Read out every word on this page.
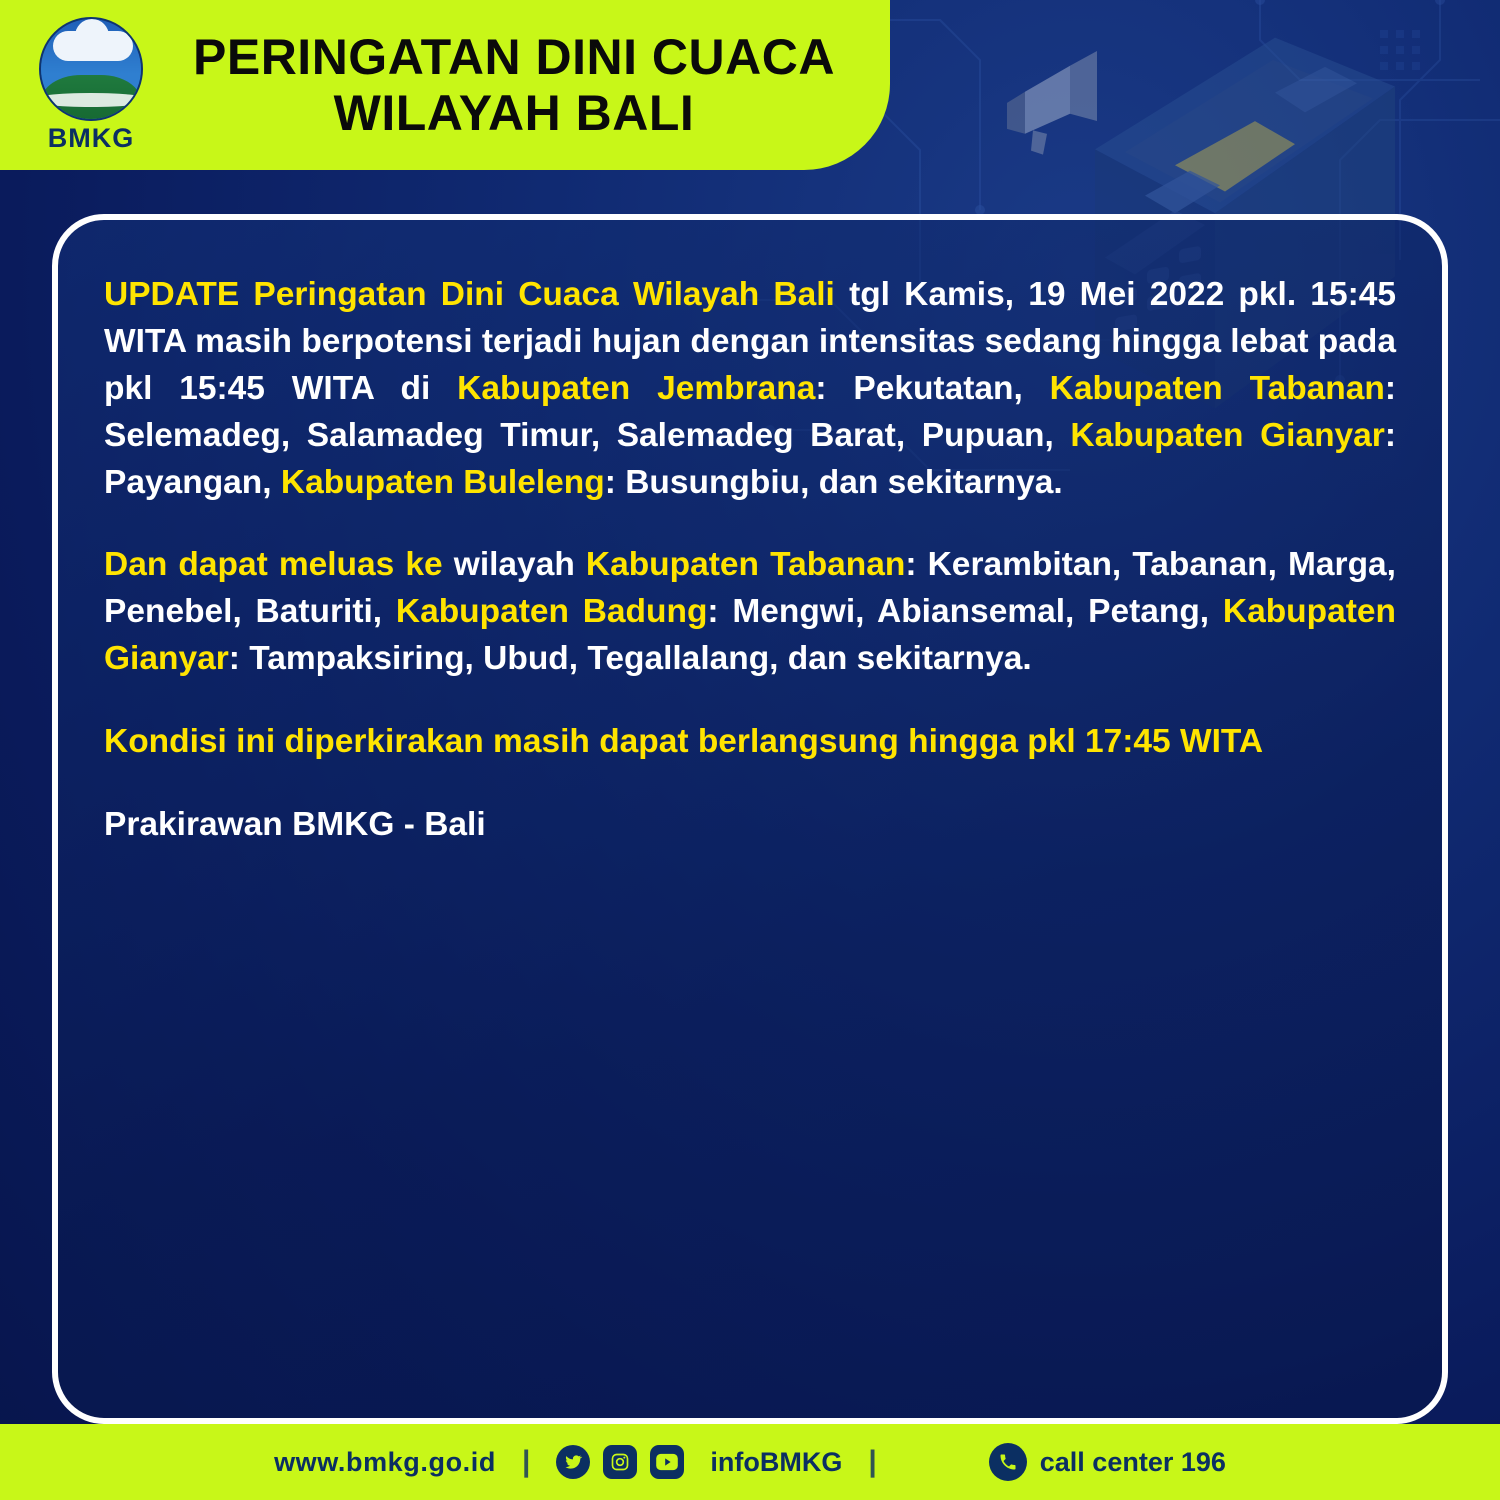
BMKG
PERINGATAN DINI CUACA
WILAYAH BALI

UPDATE Peringatan Dini Cuaca Wilayah Bali tgl Kamis, 19 Mei 2022 pkl. 15:45 WITA masih berpotensi terjadi hujan dengan intensitas sedang hingga lebat pada pkl 15:45 WITA di Kabupaten Jembrana: Pekutatan, Kabupaten Tabanan: Selemadeg, Salamadeg Timur, Salemadeg Barat, Pupuan, Kabupaten Gianyar: Payangan, Kabupaten Buleleng: Busungbiu, dan sekitarnya.

Dan dapat meluas ke wilayah Kabupaten Tabanan: Kerambitan, Tabanan, Marga, Penebel, Baturiti, Kabupaten Badung: Mengwi, Abiansemal, Petang, Kabupaten Gianyar: Tampaksiring, Ubud, Tegallalang, dan sekitarnya.

Kondisi ini diperkirakan masih dapat berlangsung hingga pkl 17:45 WITA

Prakirawan BMKG - Bali

www.bmkg.go.id |	infoBMKG |	call center 196
